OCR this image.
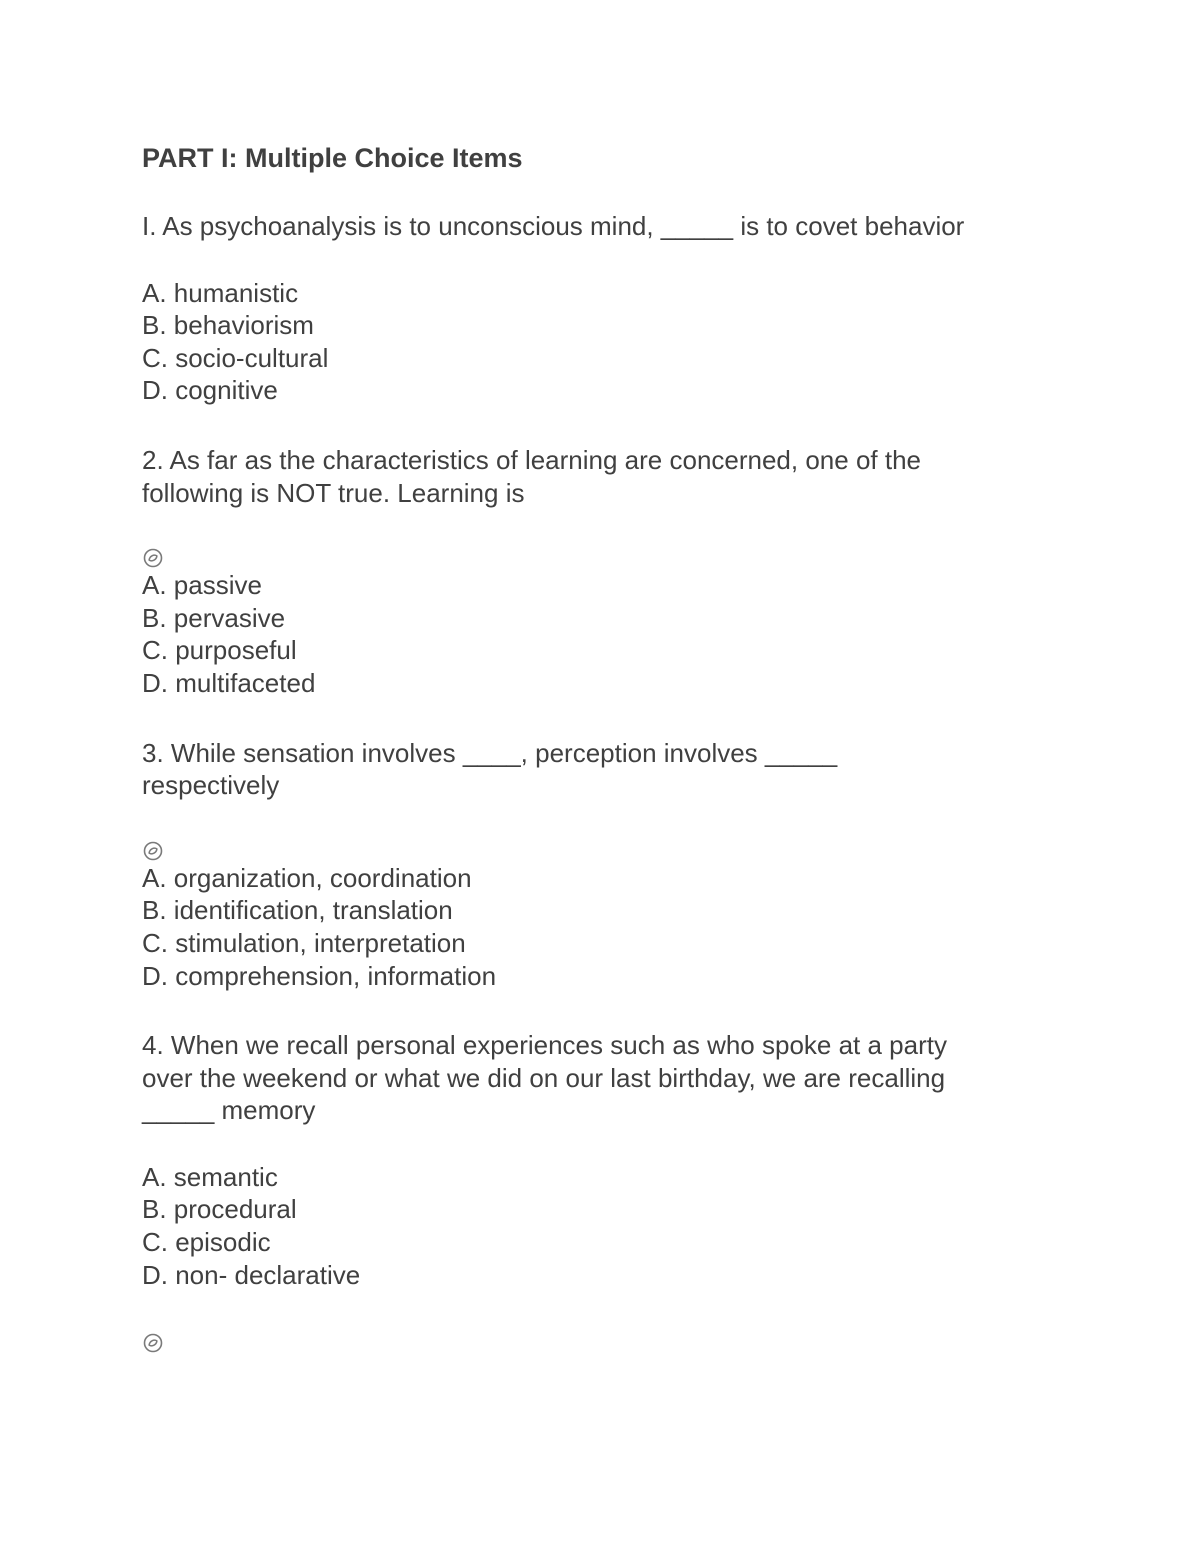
PART I: Multiple Choice Items
I. As psychoanalysis is to unconscious mind, _____ is to covet behavior
A. humanistic
B. behaviorism
C. socio-cultural
D. cognitive
2. As far as the characteristics of learning are concerned, one of the
following is NOT true. Learning is
A. passive
B. pervasive
C. purposeful
D. multifaceted
3. While sensation involves ____, perception involves _____
respectively
A. organization, coordination
B. identification, translation
C. stimulation, interpretation
D. comprehension, information
4. When we recall personal experiences such as who spoke at a party
over the weekend or what we did on our last birthday, we are recalling
_____ memory
A. semantic
B. procedural
C. episodic
D. non- declarative
